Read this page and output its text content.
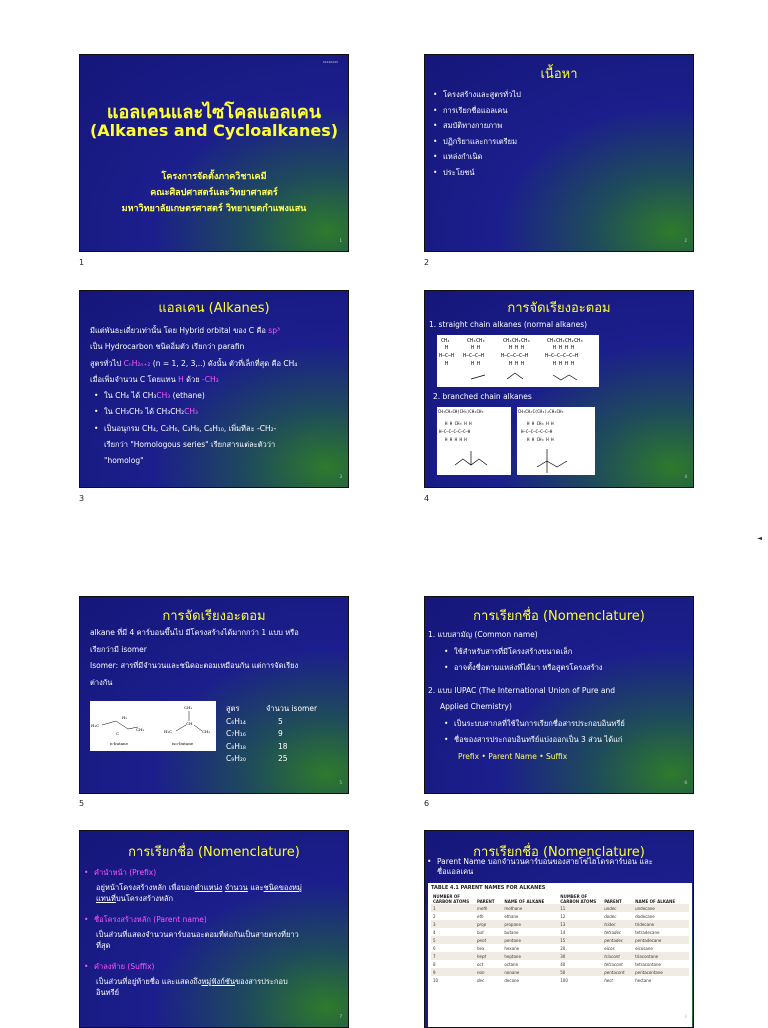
◄
01420245
แอลเคนและไซโคลแอลเคน
(Alkanes and Cycloalkanes)
โครงการจัดตั้งภาควิชาเคมี
คณะศิลปศาสตร์และวิทยาศาสตร์
มหาวิทยาลัยเกษตรศาสตร์ วิทยาเขตกำแพงแสน
1
1
เนื้อหา
• โครงสร้างและสูตรทั่วไป
• การเรียกชื่อแอลเคน
• สมบัติทางกายภาพ
• ปฏิกริยาและการเตรียม
• แหล่งกำเนิด
• ประโยชน์
2
2
แอลเคน (Alkanes)
มีแต่พันธะเดี่ยวเท่านั้น โดย Hybrid orbital ของ C คือ sp³
เป็น Hydrocarbon ชนิดอิ่มตัว เรียกว่า parafin
สูตรทั่วไป CₙH₂ₙ₊₂ (n = 1, 2, 3,..) ดังนั้น ตัวที่เล็กที่สุด คือ CH₄
เมื่อเพิ่มจำนวน C โดยแทน H ด้วย -CH₃
• ใน CH₄ ได้ CH₃CH₃ (ethane)
• ใน CH₃CH₃ ได้ CH₃CH₂CH₃
• เป็นอนุกรม CH₄, C₂H₆, C₃H₈, C₄H₁₀, เพิ่มทีละ -CH₂-
เรียกว่า "Homologous series" เรียกสารแต่ละตัวว่า
"homolog"
3
3
การจัดเรียงอะตอม
1. straight chain alkanes (normal alkanes)
CH₄	CH₃CH₃	CH₃CH₂CH₃	CH₃CH₂CH₂CH₃
H
H—C—H
H
H H
H—C—C—H
H H
H H H
H—C—C—C—H
H H H
H H H H
H—C—C—C—C—H
H H H H
2. branched chain alkanes
CH₃CH₂CH(CH₃)CH₂CH₃
H H CH₃ H H
H—C—C—C—C—C—H
H H H H H
CH₃CH₂C(CH₃)₂CH₂CH₃
H H CH₃ H H
H—C—C—C—C—C—H
H H CH₃ H H
4
4
การจัดเรียงอะตอม
alkane ที่มี 4 คาร์บอนขึ้นไป มีโครงสร้างได้มากกว่า 1 แบบ หรือ
เรียกว่ามี isomer
Isomer: สารที่มีจำนวนและชนิดอะตอมเหมือนกัน แต่การจัดเรียง
ต่างกัน
H₃C
H₂
C
CH₃
n-butane
CH₃
CH
H₃C	CH₃
iso-butane
สูตร	จำนวน isomer
C₆H₁₄	5
C₇H₁₆	9
C₈H₁₈	18
C₉H₂₀	25
5
5
การเรียกชื่อ (Nomenclature)
1. แบบสามัญ (Common name)
• ใช้สำหรับสารที่มีโครงสร้างขนาดเล็ก
• อาจตั้งชื่อตามแหล่งที่ได้มา หรือสูตรโครงสร้าง
2. แบบ IUPAC (The International Union of Pure and
Applied Chemistry)
• เป็นระบบสากลที่ใช้ในการเรียกชื่อสารประกอบอินทรีย์
• ชื่อของสารประกอบอินทรีย์แบ่งออกเป็น 3 ส่วน ได้แก่
Prefix • Parent Name • Suffix
6
6
การเรียกชื่อ (Nomenclature)
• คำนำหน้า (Prefix)
อยู่หน้าโครงสร้างหลัก เพื่อบอกตำแหน่ง จำนวน และชนิดของหมู่
แทนที่บนโครงสร้างหลัก
• ชื่อโครงสร้างหลัก (Parent name)
เป็นส่วนที่แสดงจำนวนคาร์บอนอะตอมที่ต่อกันเป็นสายตรงที่ยาว
ที่สุด
• คำลงท้าย (Suffix)
เป็นส่วนที่อยู่ท้ายชื่อ และแสดงถึงหมู่ฟังก์ชันของสารประกอบ
อินทรีย์
7
การเรียกชื่อ (Nomenclature)
• Parent Name บอกจำนวนคาร์บอนของสายโซ่ไฮโดรคาร์บอน และ
ชื่อแอลเคน
TABLE 4.1 PARENT NAMES FOR ALKANES
NUMBER OF CARBON ATOMS	PARENT	NAME OF ALKANE	NUMBER OF CARBON ATOMS	PARENT	NAME OF ALKANE
1	meth	methane	11	undec	undecane
2	eth	ethane	12	dodec	dodecane
3	prop	propane	13	tridec	tridecane
4	but	butane	14	tetradec	tetradecane
5	pent	pentane	15	pentadec	pentadecane
6	hex	hexane	20	eicos	eicosane
7	hept	heptane	30	triacont	triacontane
8	oct	octane	40	tetracont	tetracontane
9	non	nonane	50	pentacont	pentacontane
10	dec	decane	100	hect	hectane
8
